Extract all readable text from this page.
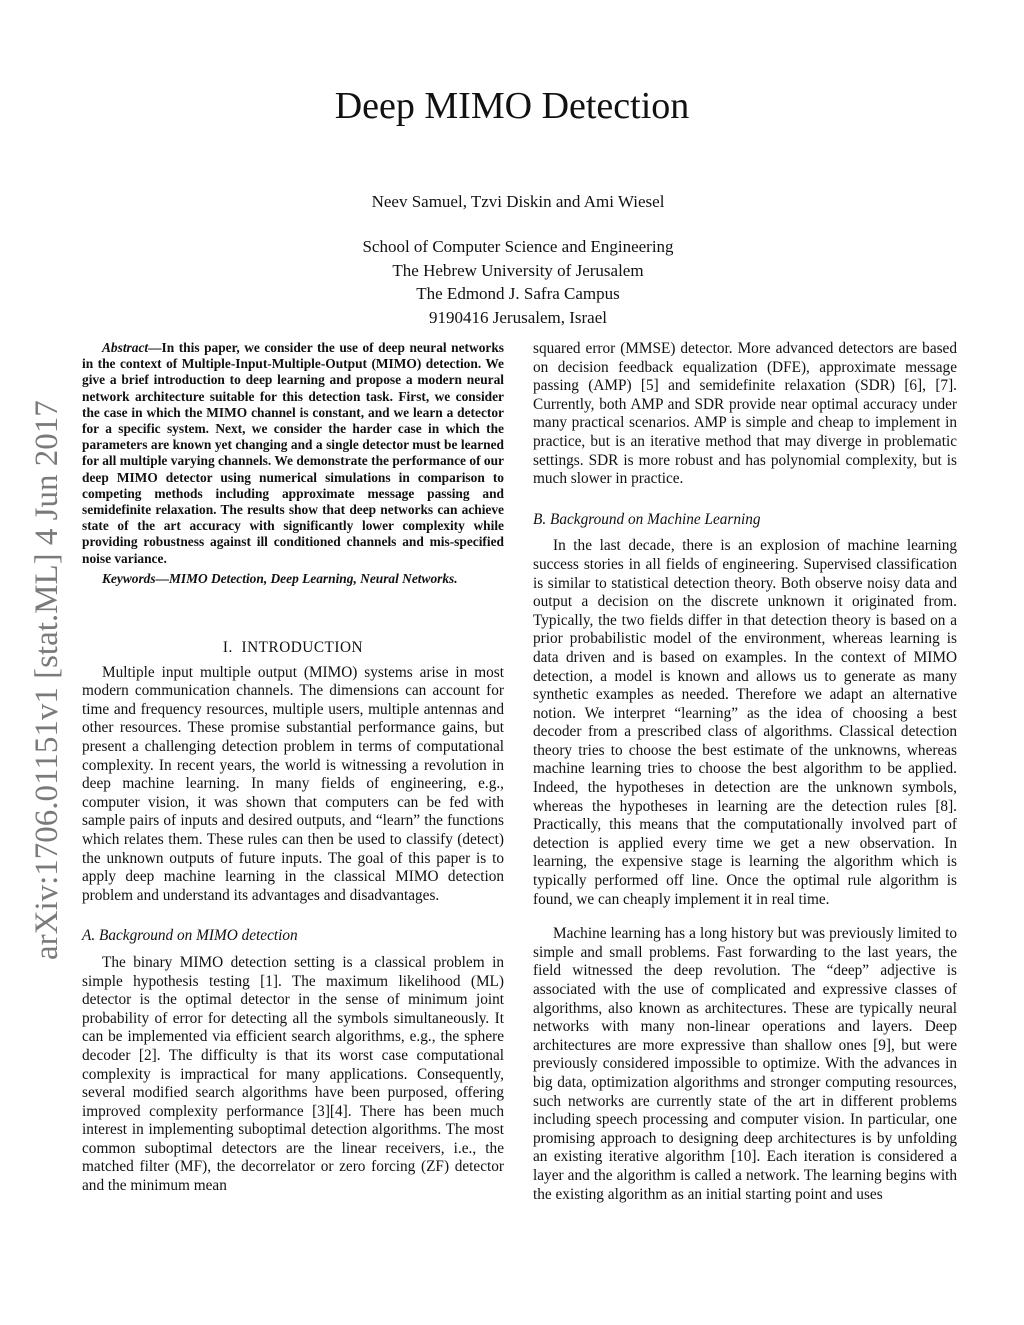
Deep MIMO Detection
Neev Samuel, Tzvi Diskin and Ami Wiesel
School of Computer Science and Engineering
The Hebrew University of Jerusalem
The Edmond J. Safra Campus
9190416 Jerusalem, Israel
arXiv:1706.01151v1 [stat.ML] 4 Jun 2017
Abstract—In this paper, we consider the use of deep neural networks in the context of Multiple-Input-Multiple-Output (MIMO) detection. We give a brief introduction to deep learning and propose a modern neural network architecture suitable for this detection task. First, we consider the case in which the MIMO channel is constant, and we learn a detector for a specific system. Next, we consider the harder case in which the parameters are known yet changing and a single detector must be learned for all multiple varying channels. We demonstrate the performance of our deep MIMO detector using numerical simulations in comparison to competing methods including approximate message passing and semidefinite relaxation. The results show that deep networks can achieve state of the art accuracy with significantly lower complexity while providing robustness against ill conditioned channels and mis-specified noise variance.
Keywords—MIMO Detection, Deep Learning, Neural Networks.
I. INTRODUCTION
Multiple input multiple output (MIMO) systems arise in most modern communication channels. The dimensions can account for time and frequency resources, multiple users, multiple antennas and other resources. These promise substantial performance gains, but present a challenging detection problem in terms of computational complexity. In recent years, the world is witnessing a revolution in deep machine learning. In many fields of engineering, e.g., computer vision, it was shown that computers can be fed with sample pairs of inputs and desired outputs, and “learn” the functions which relates them. These rules can then be used to classify (detect) the unknown outputs of future inputs. The goal of this paper is to apply deep machine learning in the classical MIMO detection problem and understand its advantages and disadvantages.
A. Background on MIMO detection
The binary MIMO detection setting is a classical problem in simple hypothesis testing [1]. The maximum likelihood (ML) detector is the optimal detector in the sense of minimum joint probability of error for detecting all the symbols simultaneously. It can be implemented via efficient search algorithms, e.g., the sphere decoder [2]. The difficulty is that its worst case computational complexity is impractical for many applications. Consequently, several modified search algorithms have been purposed, offering improved complexity performance [3][4]. There has been much interest in implementing suboptimal detection algorithms. The most common suboptimal detectors are the linear receivers, i.e., the matched filter (MF), the decorrelator or zero forcing (ZF) detector and the minimum mean
squared error (MMSE) detector. More advanced detectors are based on decision feedback equalization (DFE), approximate message passing (AMP) [5] and semidefinite relaxation (SDR) [6], [7]. Currently, both AMP and SDR provide near optimal accuracy under many practical scenarios. AMP is simple and cheap to implement in practice, but is an iterative method that may diverge in problematic settings. SDR is more robust and has polynomial complexity, but is much slower in practice.
B. Background on Machine Learning
In the last decade, there is an explosion of machine learning success stories in all fields of engineering. Supervised classification is similar to statistical detection theory. Both observe noisy data and output a decision on the discrete unknown it originated from. Typically, the two fields differ in that detection theory is based on a prior probabilistic model of the environment, whereas learning is data driven and is based on examples. In the context of MIMO detection, a model is known and allows us to generate as many synthetic examples as needed. Therefore we adapt an alternative notion. We interpret “learning” as the idea of choosing a best decoder from a prescribed class of algorithms. Classical detection theory tries to choose the best estimate of the unknowns, whereas machine learning tries to choose the best algorithm to be applied. Indeed, the hypotheses in detection are the unknown symbols, whereas the hypotheses in learning are the detection rules [8]. Practically, this means that the computationally involved part of detection is applied every time we get a new observation. In learning, the expensive stage is learning the algorithm which is typically performed off line. Once the optimal rule algorithm is found, we can cheaply implement it in real time.
Machine learning has a long history but was previously limited to simple and small problems. Fast forwarding to the last years, the field witnessed the deep revolution. The “deep” adjective is associated with the use of complicated and expressive classes of algorithms, also known as architectures. These are typically neural networks with many non-linear operations and layers. Deep architectures are more expressive than shallow ones [9], but were previously considered impossible to optimize. With the advances in big data, optimization algorithms and stronger computing resources, such networks are currently state of the art in different problems including speech processing and computer vision. In particular, one promising approach to designing deep architectures is by unfolding an existing iterative algorithm [10]. Each iteration is considered a layer and the algorithm is called a network. The learning begins with the existing algorithm as an initial starting point and uses
